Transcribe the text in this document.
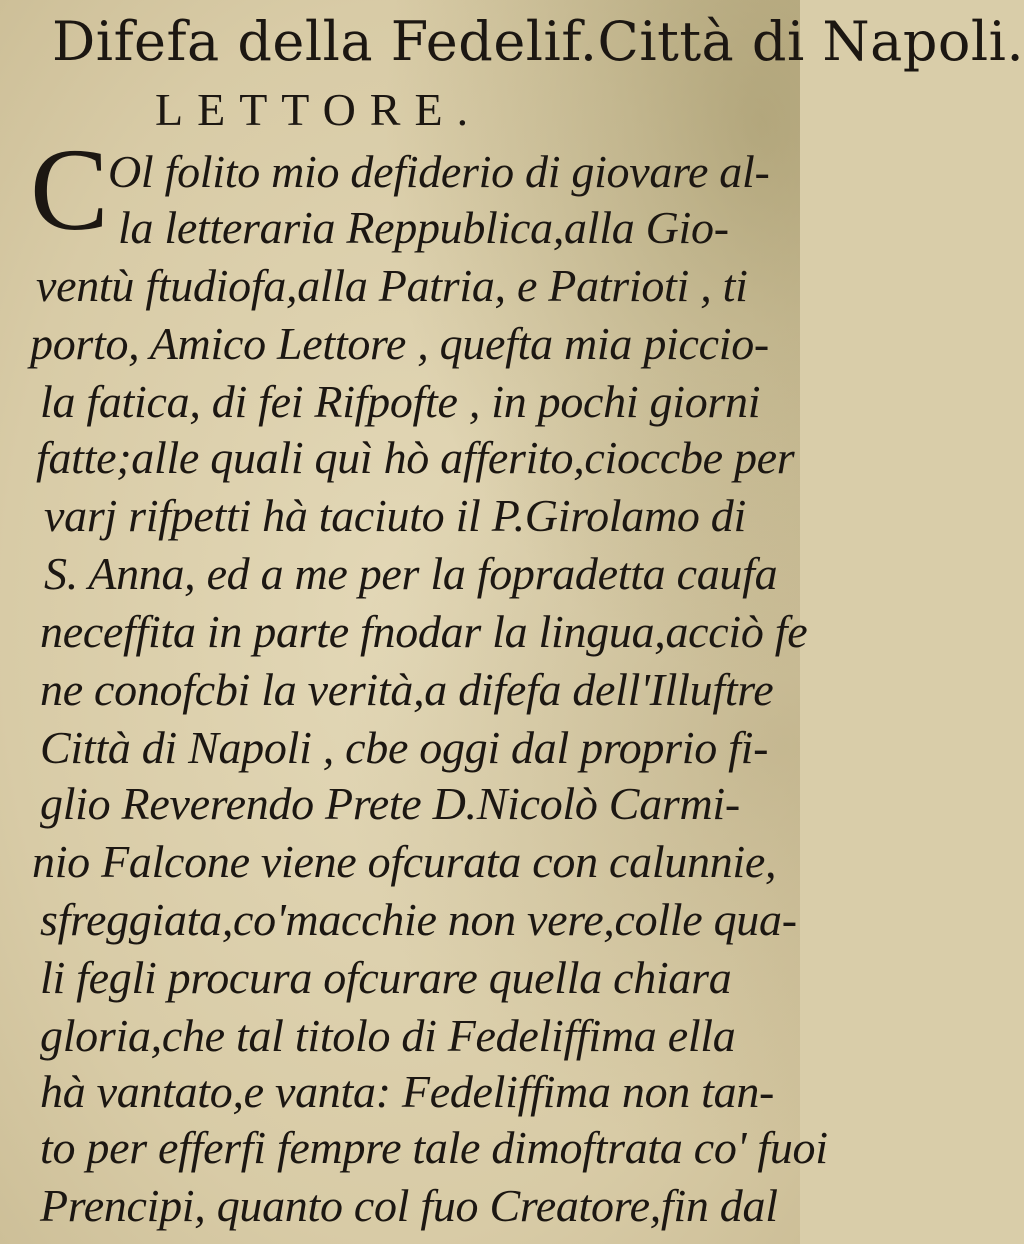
Difefa della Fedelif.Città di Napoli.
LETTORE.
C Ol folito mio defiderio di giovare al-
la letteraria Reppublica,alla Gio-
ventù ftudiofa,alla Patria, e Patrioti , ti
porto, Amico Lettore , quefta mia piccio-
la fatica, di fei Rifpofte , in pochi giorni
fatte;alle quali quì hò afferito,cioccbe per
varj rifpetti hà taciuto il P.Girolamo di
S. Anna, ed a me per la fopradetta caufa
neceffita in parte fnodar la lingua,acciò fe
ne conofcbi la verità,a difefa dell'Illuftre
Città di Napoli , cbe oggi dal proprio fi-
glio Reverendo Prete D.Nicolò Carmi-
nio Falcone viene ofcurata con calunnie,
sfreggiata,co'macchie non vere,colle qua-
li fegli procura ofcurare quella chiara
gloria,che tal titolo di Fedeliffima ella
hà vantato,e vanta: Fedeliffima non tan-
to per efferfi fempre tale dimoftrata co' fuoi
Prencipi, quanto col fuo Creatore,fin dal
